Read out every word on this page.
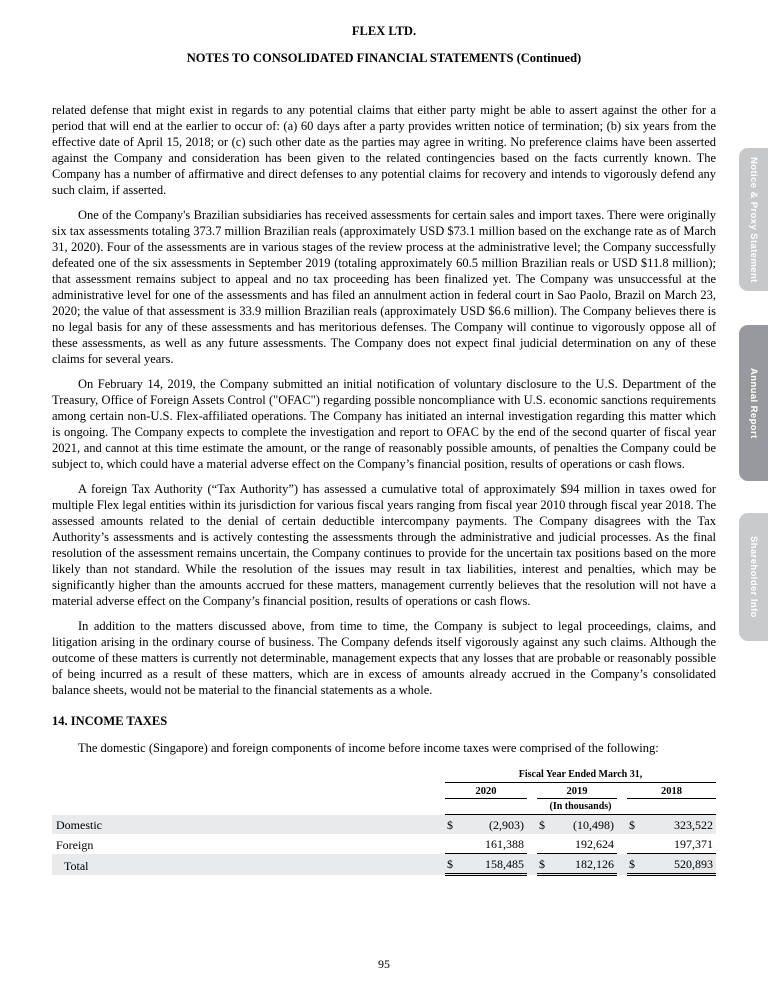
Notice & Proxy Statement
Annual Report
Shareholder Info
FLEX LTD.
NOTES TO CONSOLIDATED FINANCIAL STATEMENTS (Continued)

related defense that might exist in regards to any potential claims that either party might be able to assert against the other for a period that will end at the earlier to occur of: (a) 60 days after a party provides written notice of termination; (b) six years from the effective date of April 15, 2018; or (c) such other date as the parties may agree in writing. No preference claims have been asserted against the Company and consideration has been given to the related contingencies based on the facts currently known. The Company has a number of affirmative and direct defenses to any potential claims for recovery and intends to vigorously defend any such claim, if asserted.

One of the Company's Brazilian subsidiaries has received assessments for certain sales and import taxes. There were originally six tax assessments totaling 373.7 million Brazilian reals (approximately USD $73.1 million based on the exchange rate as of March 31, 2020). Four of the assessments are in various stages of the review process at the administrative level; the Company successfully defeated one of the six assessments in September 2019 (totaling approximately 60.5 million Brazilian reals or USD $11.8 million); that assessment remains subject to appeal and no tax proceeding has been finalized yet. The Company was unsuccessful at the administrative level for one of the assessments and has filed an annulment action in federal court in Sao Paolo, Brazil on March 23, 2020; the value of that assessment is 33.9 million Brazilian reals (approximately USD $6.6 million). The Company believes there is no legal basis for any of these assessments and has meritorious defenses. The Company will continue to vigorously oppose all of these assessments, as well as any future assessments. The Company does not expect final judicial determination on any of these claims for several years.

On February 14, 2019, the Company submitted an initial notification of voluntary disclosure to the U.S. Department of the Treasury, Office of Foreign Assets Control ("OFAC") regarding possible noncompliance with U.S. economic sanctions requirements among certain non-U.S. Flex-affiliated operations. The Company has initiated an internal investigation regarding this matter which is ongoing. The Company expects to complete the investigation and report to OFAC by the end of the second quarter of fiscal year 2021, and cannot at this time estimate the amount, or the range of reasonably possible amounts, of penalties the Company could be subject to, which could have a material adverse effect on the Company’s financial position, results of operations or cash flows.

A foreign Tax Authority (“Tax Authority”) has assessed a cumulative total of approximately $94 million in taxes owed for multiple Flex legal entities within its jurisdiction for various fiscal years ranging from fiscal year 2010 through fiscal year 2018. The assessed amounts related to the denial of certain deductible intercompany payments. The Company disagrees with the Tax Authority’s assessments and is actively contesting the assessments through the administrative and judicial processes. As the final resolution of the assessment remains uncertain, the Company continues to provide for the uncertain tax positions based on the more likely than not standard. While the resolution of the issues may result in tax liabilities, interest and penalties, which may be significantly higher than the amounts accrued for these matters, management currently believes that the resolution will not have a material adverse effect on the Company’s financial position, results of operations or cash flows.

In addition to the matters discussed above, from time to time, the Company is subject to legal proceedings, claims, and litigation arising in the ordinary course of business. The Company defends itself vigorously against any such claims. Although the outcome of these matters is currently not determinable, management expects that any losses that are probable or reasonably possible of being incurred as a result of these matters, which are in excess of amounts already accrued in the Company’s consolidated balance sheets, would not be material to the financial statements as a whole.

14. INCOME TAXES

The domestic (Singapore) and foreign components of income before income taxes were comprised of the following:

	Fiscal Year Ended March 31,							
	2020			2019			2018	
	(In thousands)							
Domestic	$	(2,903)		$	(10,498)		$	323,522
Foreign		161,388			192,624			197,371
Total	$	158,485		$	182,126		$	520,893
95
